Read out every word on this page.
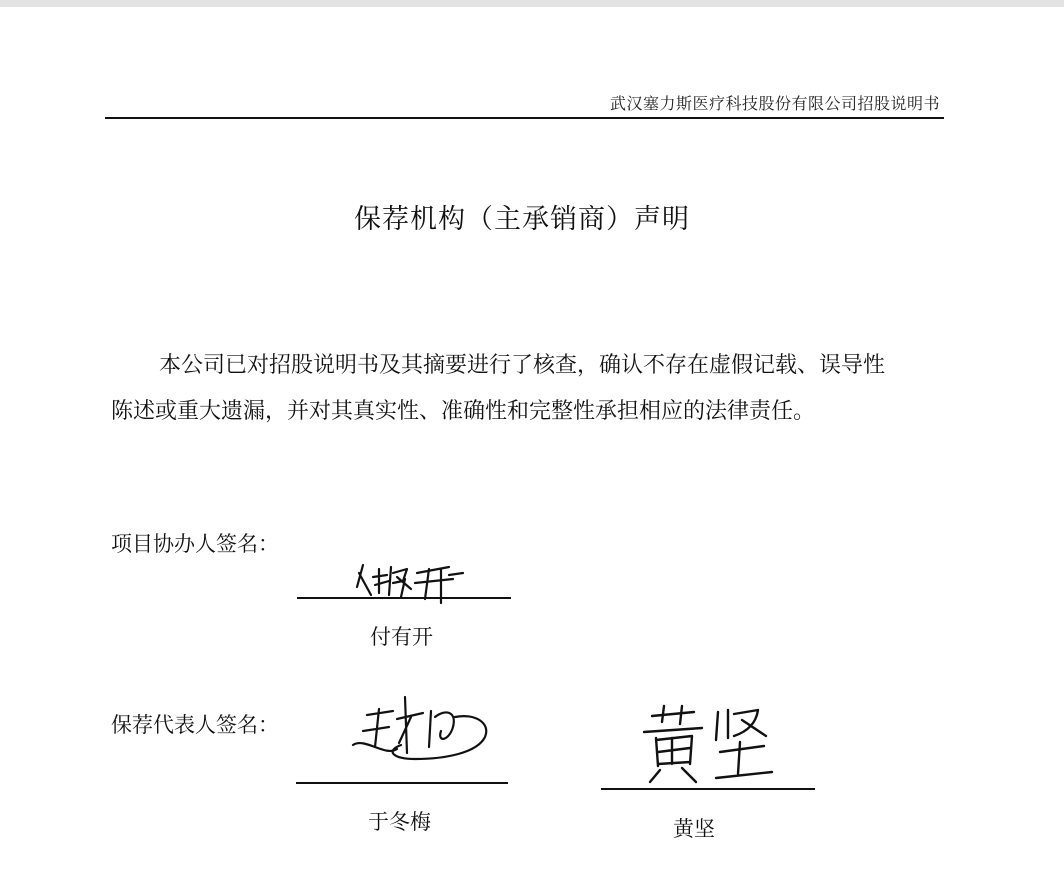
武汉塞力斯医疗科技股份有限公司招股说明书
保荐机构（主承销商）声明
本公司已对招股说明书及其摘要进行了核查，确认不存在虚假记载、误导性
陈述或重大遗漏，并对其真实性、准确性和完整性承担相应的法律责任。
项目协办人签名：
付有开
保荐代表人签名：
于冬梅	黄坚
